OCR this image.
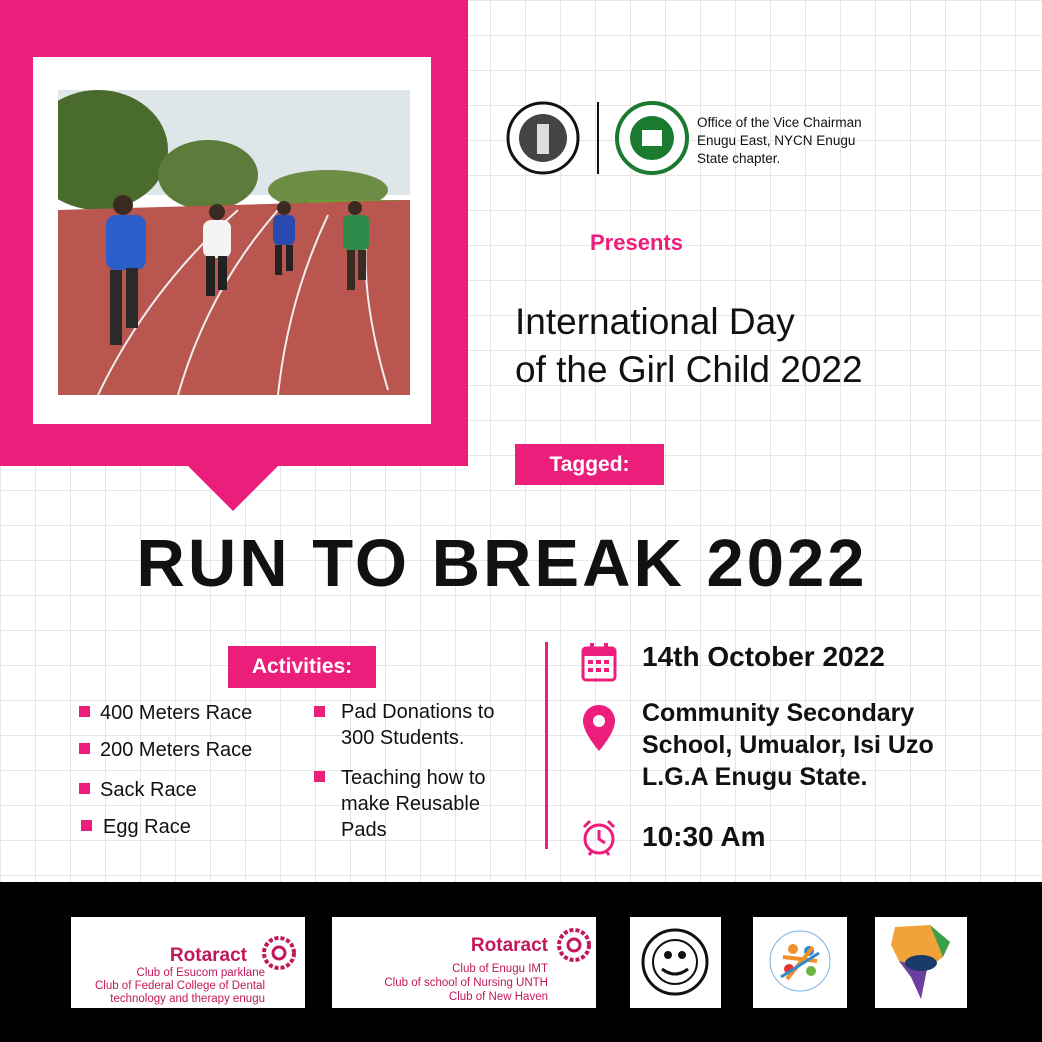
Office of the Vice Chairman
Enugu East, NYCN Enugu
State chapter.
Presents
International Day
of the Girl Child 2022
Tagged:
RUN TO BREAK 2022
Activities:
400 Meters Race
200 Meters Race
Sack Race
Egg Race
Pad Donations to
300 Students.
Teaching how to
make Reusable
Pads
14th October 2022
Community Secondary
School, Umualor, Isi Uzo
L.G.A Enugu State.
10:30 Am
Rotaract
Club of Esucom parklane
Club of Federal College of Dental
technology and therapy enugu
Rotaract
Club of Enugu IMT
Club of school of Nursing UNTH
Club of New Haven
